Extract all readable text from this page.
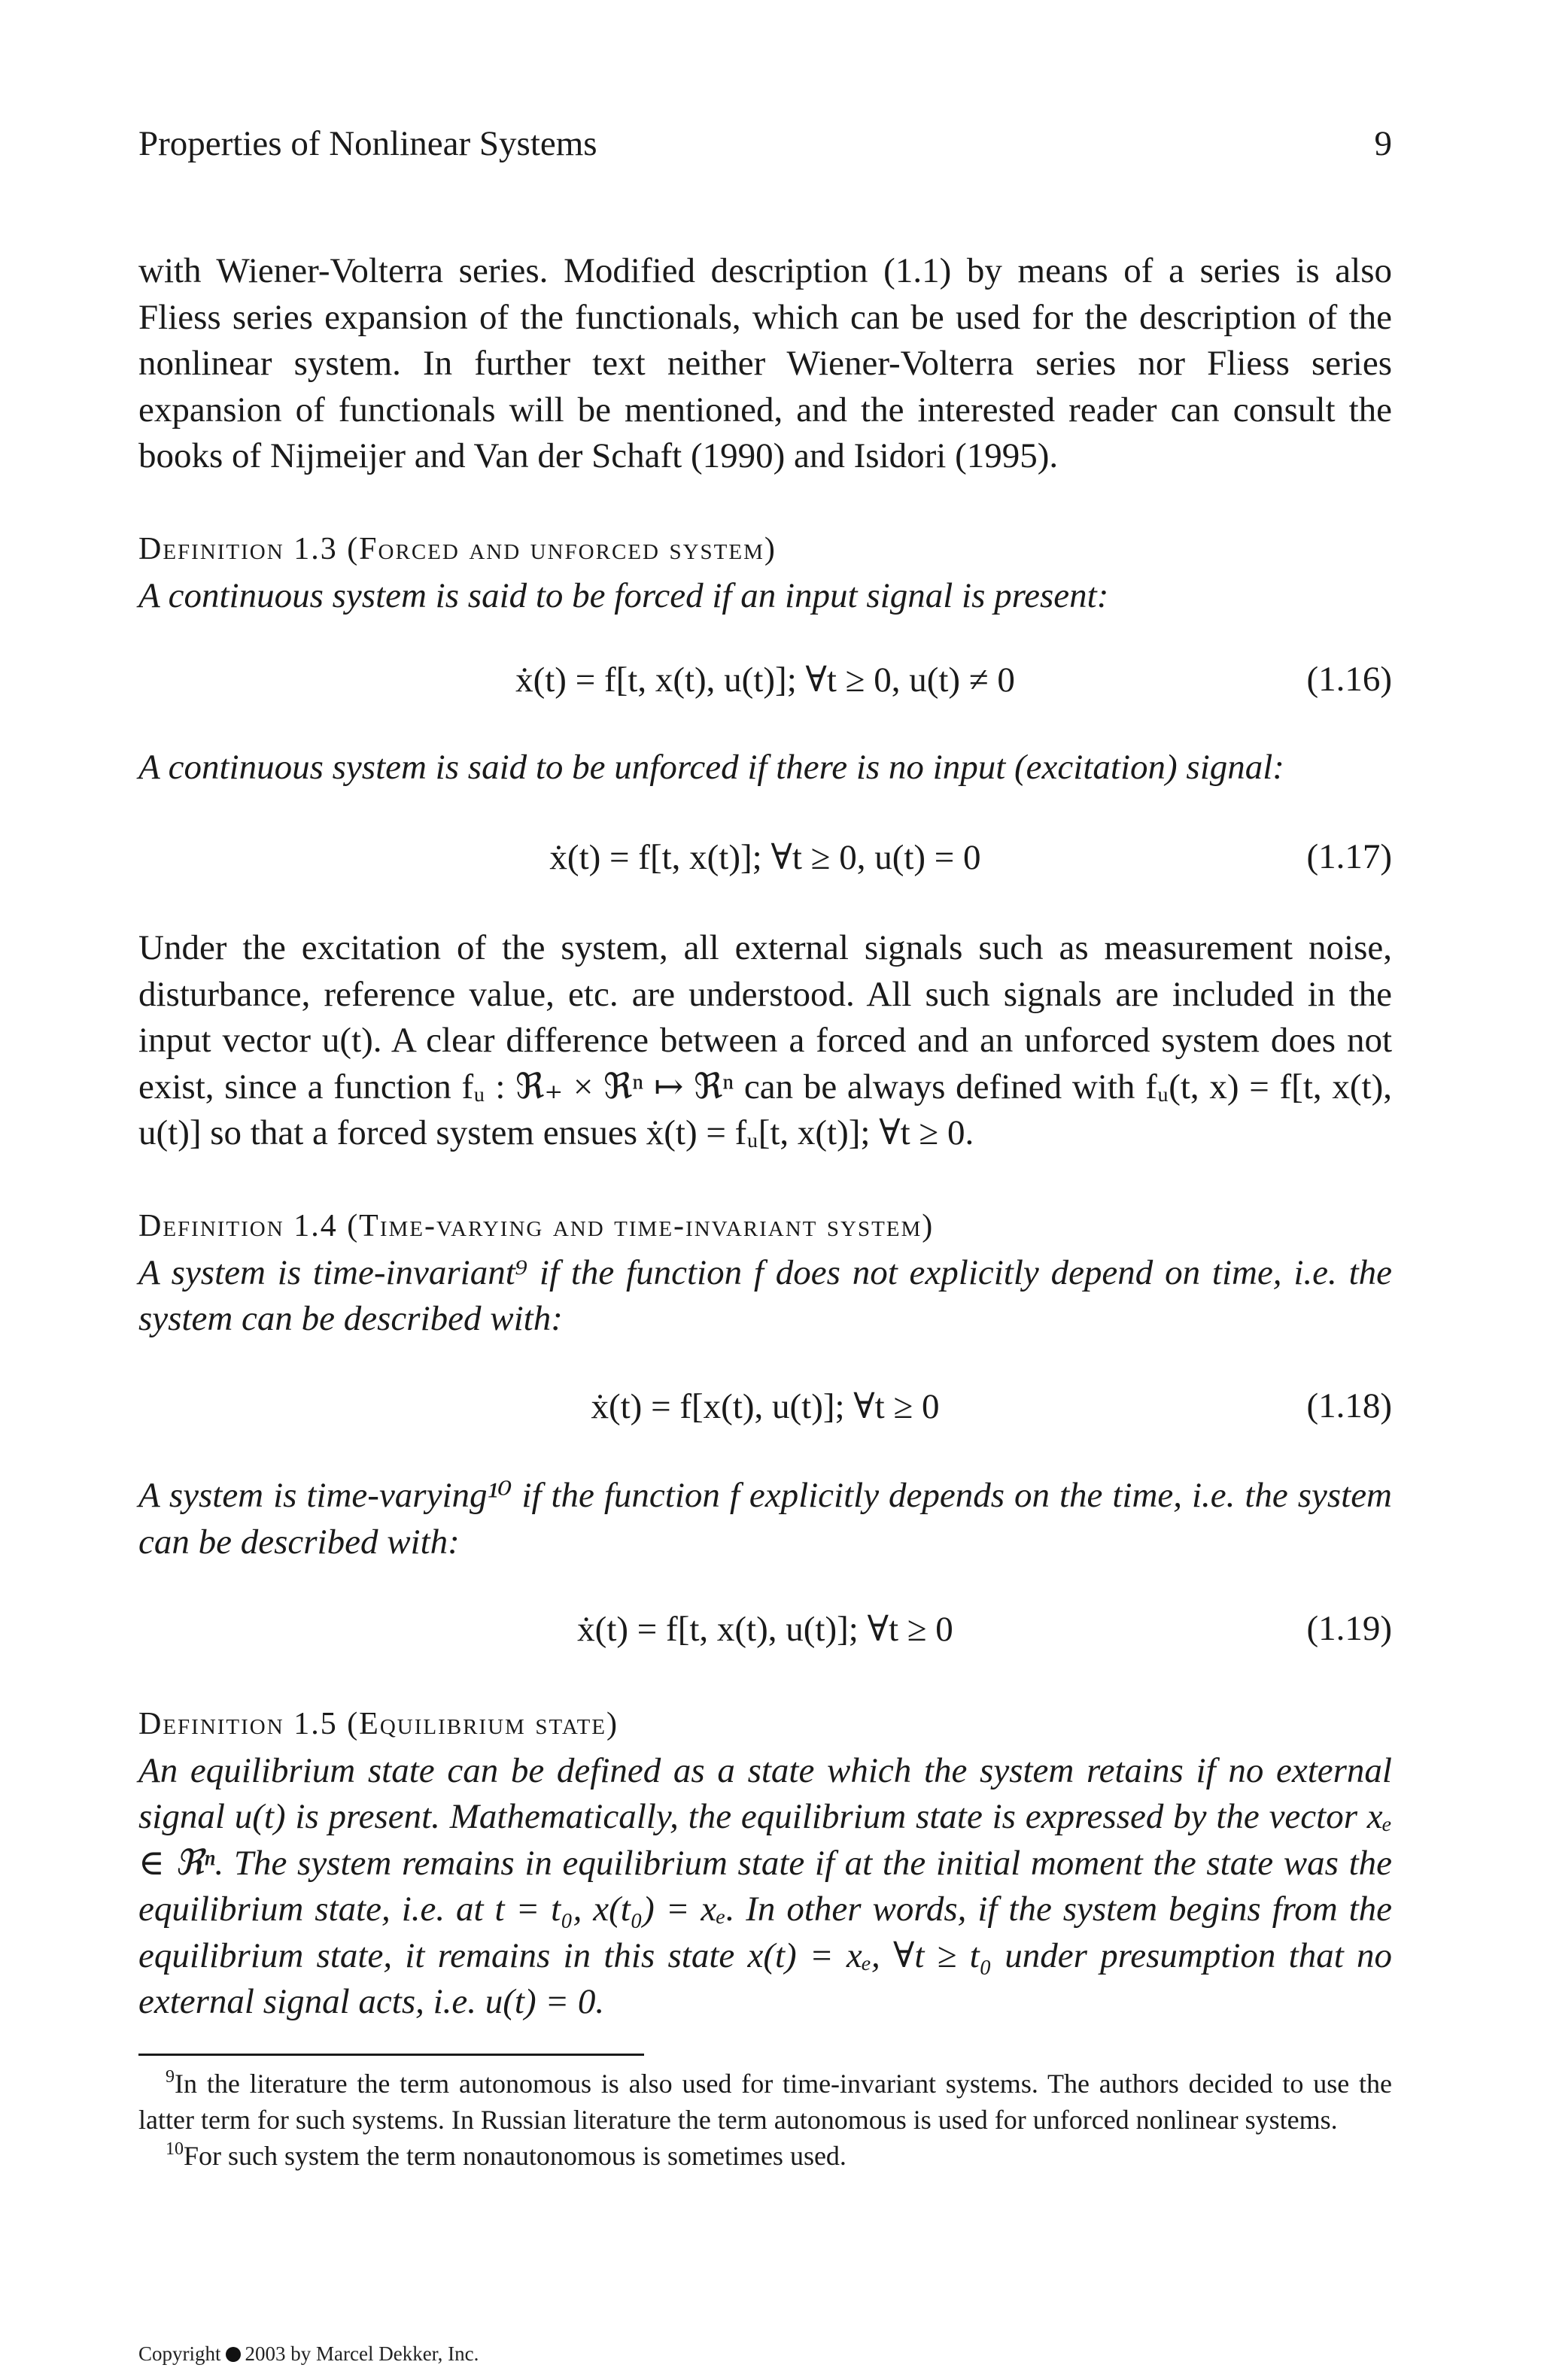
Properties of Nonlinear Systems	9

with Wiener-Volterra series. Modified description (1.1) by means of a series is also Fliess series expansion of the functionals, which can be used for the description of the nonlinear system. In further text neither Wiener-Volterra series nor Fliess series expansion of functionals will be mentioned, and the interested reader can consult the books of Nijmeijer and Van der Schaft (1990) and Isidori (1995).

Definition 1.3 (Forced and unforced system)

A continuous system is said to be forced if an input signal is present:

ẋ(t) = f[t, x(t), u(t)]; ∀t ≥ 0, u(t) ≠ 0	(1.16)

A continuous system is said to be unforced if there is no input (excitation) signal:

ẋ(t) = f[t, x(t)]; ∀t ≥ 0, u(t) = 0	(1.17)

Under the excitation of the system, all external signals such as measurement noise, disturbance, reference value, etc. are understood. All such signals are included in the input vector u(t). A clear difference between a forced and an unforced system does not exist, since a function fᵤ : ℜ₊ × ℜⁿ ↦ ℜⁿ can be always defined with fᵤ(t, x) = f[t, x(t), u(t)] so that a forced system ensues ẋ(t) = fᵤ[t, x(t)]; ∀t ≥ 0.

Definition 1.4 (Time-varying and time-invariant system)

A system is time-invariant⁹ if the function f does not explicitly depend on time, i.e. the system can be described with:

ẋ(t) = f[x(t), u(t)]; ∀t ≥ 0	(1.18)

A system is time-varying¹⁰ if the function f explicitly depends on the time, i.e. the system can be described with:

ẋ(t) = f[t, x(t), u(t)]; ∀t ≥ 0	(1.19)
Definition 1.5 (Equilibrium state)

An equilibrium state can be defined as a state which the system retains if no external signal u(t) is present. Mathematically, the equilibrium state is expressed by the vector xₑ ∈ ℜⁿ. The system remains in equilibrium state if at the initial moment the state was the equilibrium state, i.e. at t = t₀, x(t₀) = xₑ. In other words, if the system begins from the equilibrium state, it remains in this state x(t) = xₑ, ∀t ≥ t₀ under presumption that no external signal acts, i.e. u(t) = 0.

$^9$In the literature the term autonomous is also used for time-invariant systems. The authors decided to use the latter term for such systems. In Russian literature the term autonomous is used for unforced nonlinear systems.

$^{10}$For such system the term nonautonomous is sometimes used.

Copyright 2003 by Marcel Dekker, Inc.
